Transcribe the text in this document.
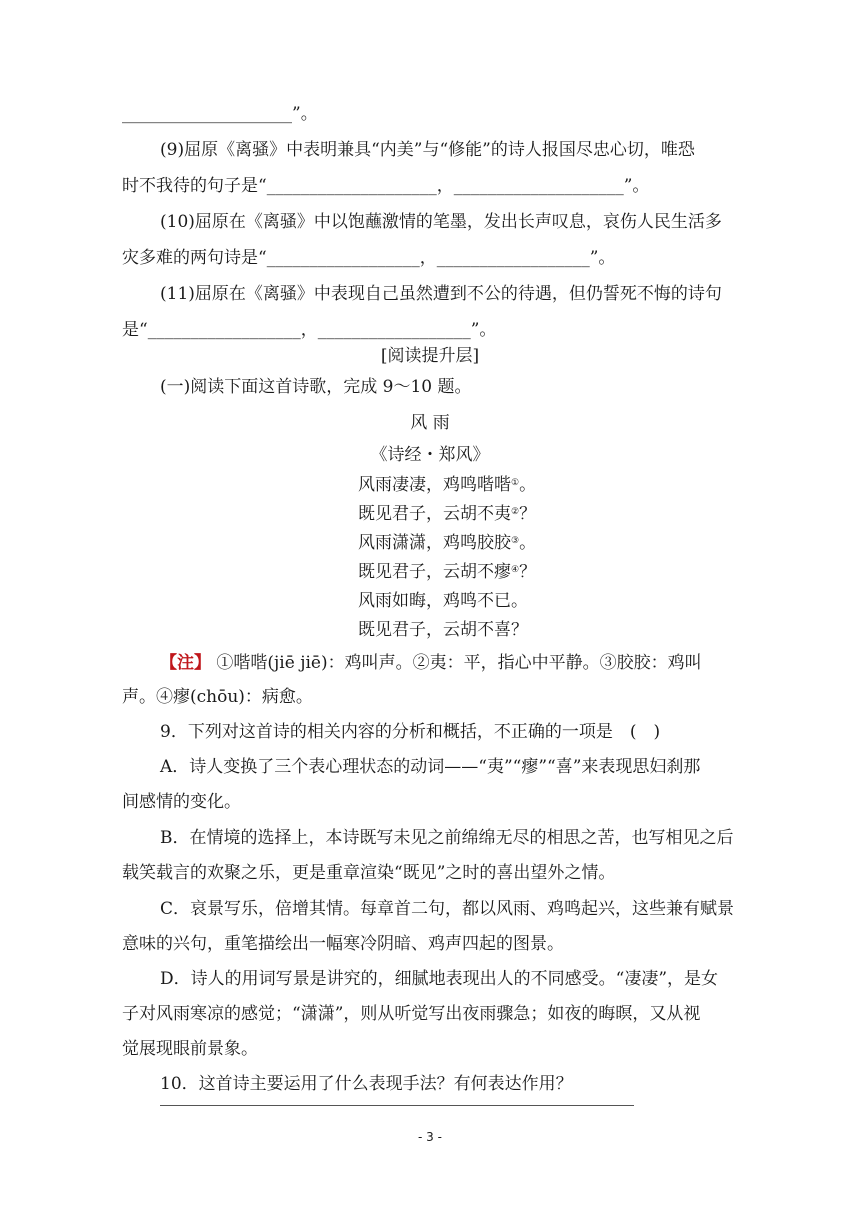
____________________”。
(9)屈原《离骚》中表明兼具“内美”与“修能”的诗人报国尽忠心切，唯恐
时不我待的句子是“____________________，____________________”。
(10)屈原在《离骚》中以饱蘸激情的笔墨，发出长声叹息，哀伤人民生活多
灾多难的两句诗是“__________________，__________________”。
(11)屈原在《离骚》中表现自己虽然遭到不公的待遇，但仍誓死不悔的诗句
是“__________________，__________________”。
[阅读提升层]
(一)阅读下面这首诗歌，完成 9～10 题。
风 雨
《诗经・郑风》
风雨凄凄，鸡鸣喈喈①。
既见君子，云胡不夷②？
风雨潇潇，鸡鸣胶胶③。
既见君子，云胡不瘳④？
风雨如晦，鸡鸣不已。
既见君子，云胡不喜？
【注】 ①喈喈(jiē jiē)：鸡叫声。②夷：平，指心中平静。③胶胶：鸡叫
声。④瘳(chōu)：病愈。
9．下列对这首诗的相关内容的分析和概括，不正确的一项是　(　)
A．诗人变换了三个表心理状态的动词——“夷”“瘳”“喜”来表现思妇刹那
间感情的变化。
B．在情境的选择上，本诗既写未见之前绵绵无尽的相思之苦，也写相见之后
载笑载言的欢聚之乐，更是重章渲染“既见”之时的喜出望外之情。
C．哀景写乐，倍增其情。每章首二句，都以风雨、鸡鸣起兴，这些兼有赋景
意味的兴句，重笔描绘出一幅寒冷阴暗、鸡声四起的图景。
D．诗人的用词写景是讲究的，细腻地表现出人的不同感受。“凄凄”，是女
子对风雨寒凉的感觉；“潇潇”，则从听觉写出夜雨骤急；如夜的晦暝，又从视
觉展现眼前景象。
10．这首诗主要运用了什么表现手法？有何表达作用？
- 3 -
